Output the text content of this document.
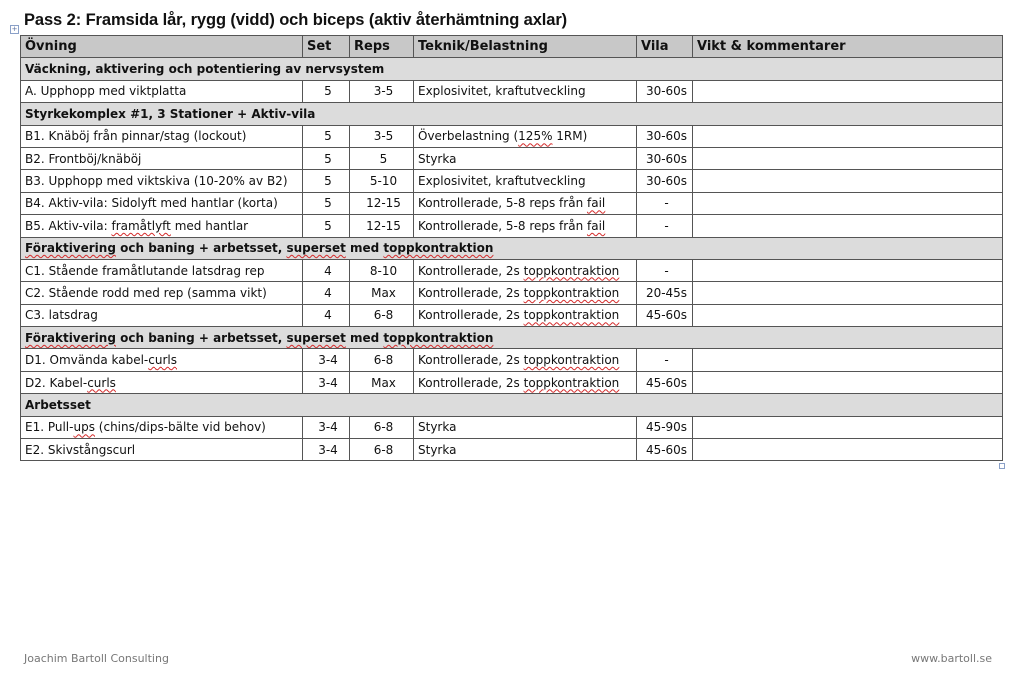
Pass 2: Framsida lår, rygg (vidd) och biceps (aktiv återhämtning axlar)
+
Övning	Set	Reps	Teknik/Belastning	Vila	Vikt & kommentarer
Väckning, aktivering och potentiering av nervsystem					
A. Upphopp med viktplatta	5	3-5	Explosivitet, kraftutveckling	30-60s	
Styrkekomplex #1, 3 Stationer + Aktiv-vila					
B1. Knäböj från pinnar/stag (lockout)	5	3-5	Överbelastning (125% 1RM)	30-60s	
B2. Frontböj/knäböj	5	5	Styrka	30-60s	
B3. Upphopp med viktskiva (10-20% av B2)	5	5-10	Explosivitet, kraftutveckling	30-60s	
B4. Aktiv-vila: Sidolyft med hantlar (korta)	5	12-15	Kontrollerade, 5-8 reps från fail	-	
B5. Aktiv-vila: framåtlyft med hantlar	5	12-15	Kontrollerade, 5-8 reps från fail	-	
Föraktivering och baning + arbetsset, superset med toppkontraktion					
C1. Stående framåtlutande latsdrag rep	4	8-10	Kontrollerade, 2s toppkontraktion	-	
C2. Stående rodd med rep (samma vikt)	4	Max	Kontrollerade, 2s toppkontraktion	20-45s	
C3. latsdrag	4	6-8	Kontrollerade, 2s toppkontraktion	45-60s	
Föraktivering och baning + arbetsset, superset med toppkontraktion					
D1. Omvända kabel-curls	3-4	6-8	Kontrollerade, 2s toppkontraktion	-	
D2. Kabel-curls	3-4	Max	Kontrollerade, 2s toppkontraktion	45-60s	
Arbetsset					
E1. Pull-ups (chins/dips-bälte vid behov)	3-4	6-8	Styrka	45-90s	
E2. Skivstångscurl	3-4	6-8	Styrka	45-60s	
Joachim Bartoll Consulting	www.bartoll.se
